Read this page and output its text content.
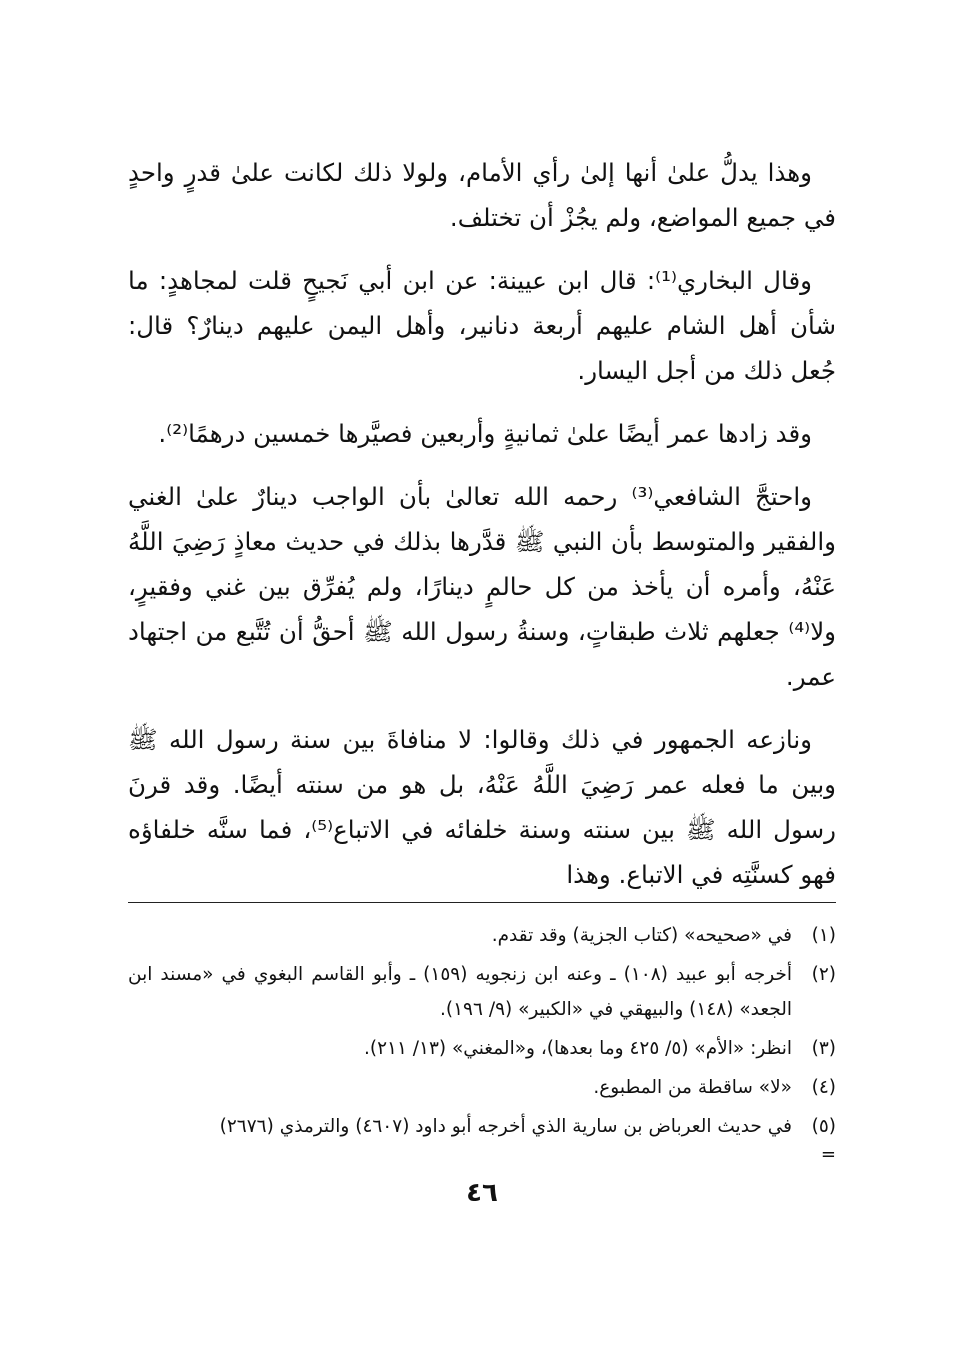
وهذا يدلُّ علىٰ أنها إلىٰ رأي الأمام، ولولا ذلك لكانت علىٰ قدرٍ واحدٍ في جميع المواضع، ولم يجُزْ أن تختلف.

وقال البخاري⁽¹⁾: قال ابن عيينة: عن ابن أبي نَجيحٍ قلت لمجاهدٍ: ما شأن أهل الشام عليهم أربعة دنانير، وأهل اليمن عليهم دينارٌ؟ قال: جُعل ذلك من أجل اليسار.

وقد زادها عمر أيضًا علىٰ ثمانيةٍ وأربعين فصيَّرها خمسين درهمًا⁽²⁾.

واحتجَّ الشافعي⁽³⁾ رحمه الله تعالىٰ بأن الواجب دينارٌ علىٰ الغني والفقير والمتوسط بأن النبي ﷺ قدَّرها بذلك في حديث معاذٍ رَضِيَ اللَّهُ عَنْهُ، وأمره أن يأخذ من كل حالمٍ دينارًا، ولم يُفرِّق بين غني وفقيرٍ، ولا⁽⁴⁾ جعلهم ثلاث طبقاتٍ، وسنةُ رسول الله ﷺ أحقُّ أن تُتَّبع من اجتهاد عمر.

ونازعه الجمهور في ذلك وقالوا: لا منافاةَ بين سنة رسول الله ﷺ وبين ما فعله عمر رَضِيَ اللَّهُ عَنْهُ، بل هو من سنته أيضًا. وقد قرنَ رسول الله ﷺ بين سنته وسنة خلفائه في الاتباع⁽⁵⁾، فما سنَّه خلفاؤه فهو كسنَّتِه في الاتباع. وهذا

(١)
في «صحيحه» (كتاب الجزية) وقد تقدم.
(٢)
أخرجه أبو عبيد (١٠٨) ـ وعنه ابن زنجويه (١٥٩) ـ وأبو القاسم البغوي في «مسند ابن الجعد» (١٤٨) والبيهقي في «الكبير» (٩/ ١٩٦).
(٣)
انظر: «الأم» (٥/ ٤٢٥ وما بعدها)، و«المغني» (١٣/ ٢١١).
(٤)
«لا» ساقطة من المطبوع.
(٥)
في حديث العرباض بن سارية الذي أخرجه أبو داود (٤٦٠٧) والترمذي (٢٦٧٦)
=
٤٦
